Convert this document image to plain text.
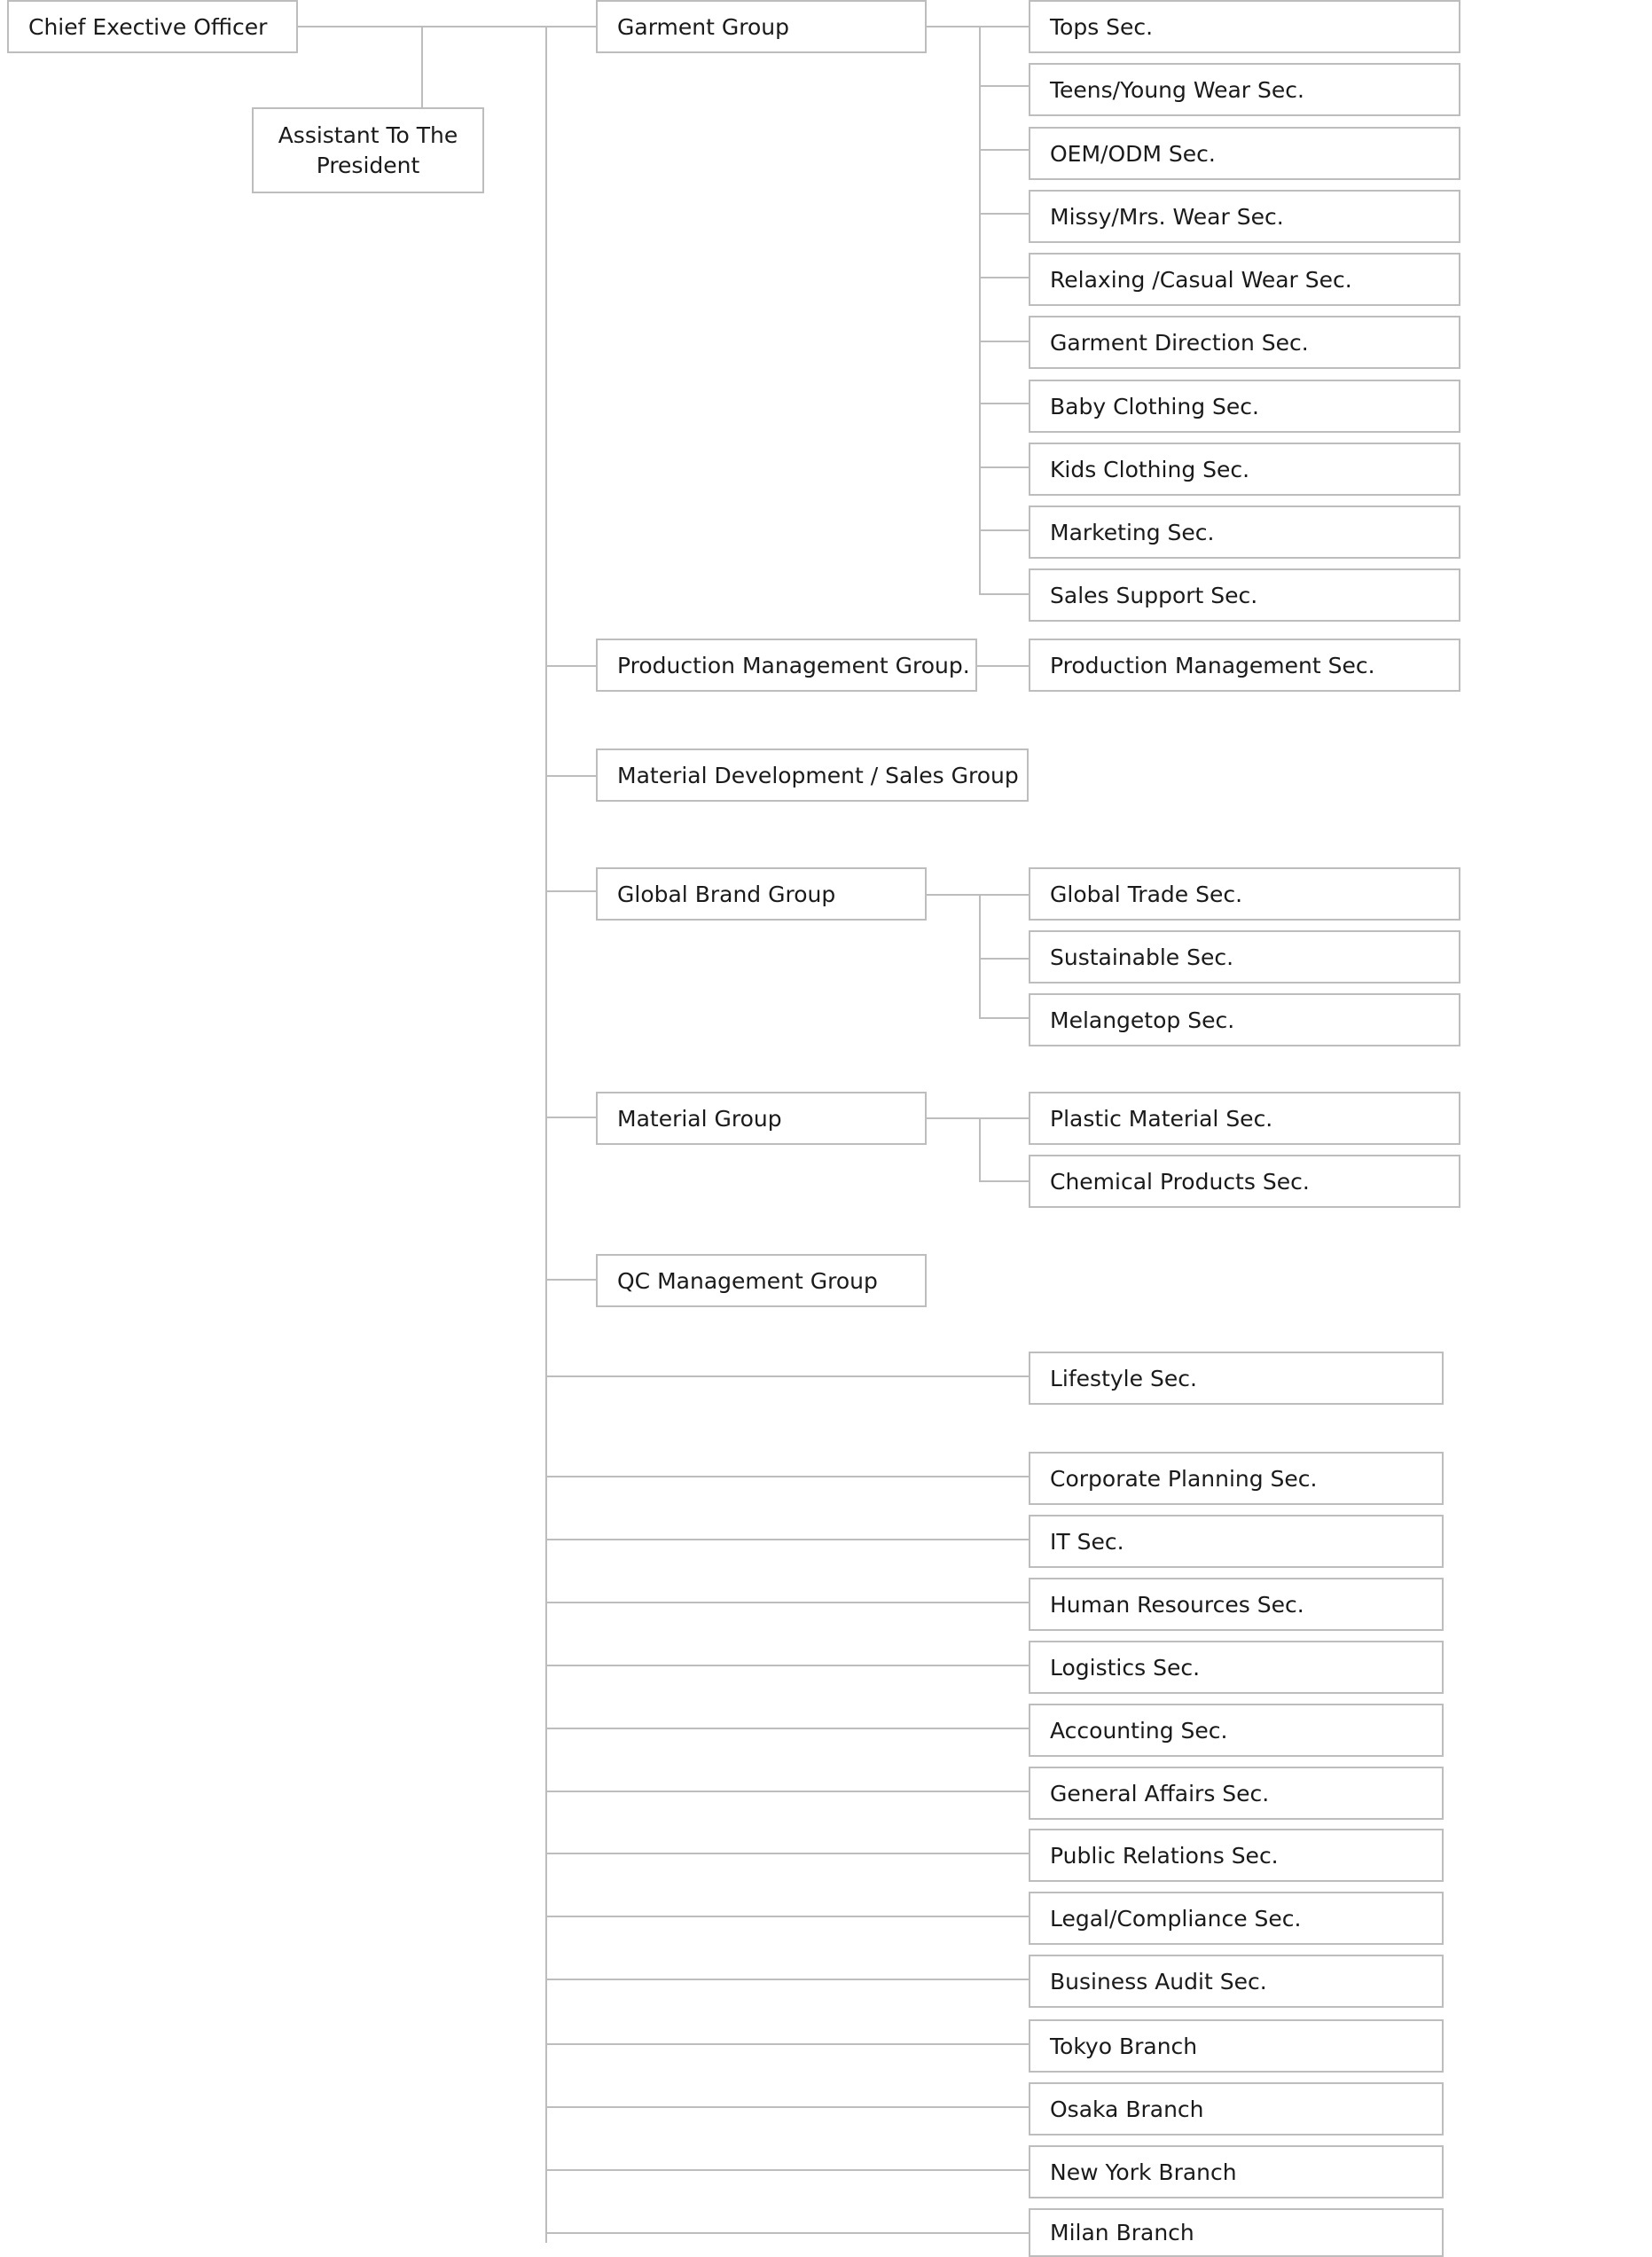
Chief Exective Officer
Assistant To The President
Garment Group	Tops Sec.
Teens/Young Wear Sec.
OEM/ODM Sec.
Missy/Mrs. Wear Sec.
Relaxing /Casual Wear Sec.
Garment Direction Sec.
Baby Clothing Sec.
Kids Clothing Sec.
Marketing Sec.
Sales Support Sec.
Production Management Group.	Production Management Sec.
Material Development / Sales Group
Global Brand Group	Global Trade Sec.
Sustainable Sec.
Melangetop Sec.
Material Group	Plastic Material Sec.
Chemical Products Sec.
QC Management Group
Lifestyle Sec.
Corporate Planning Sec.
IT Sec.
Human Resources Sec.
Logistics Sec.
Accounting Sec.
General Affairs Sec.
Public Relations Sec.
Legal/Compliance Sec.
Business Audit Sec.
Tokyo Branch
Osaka Branch
New York Branch
Milan Branch
